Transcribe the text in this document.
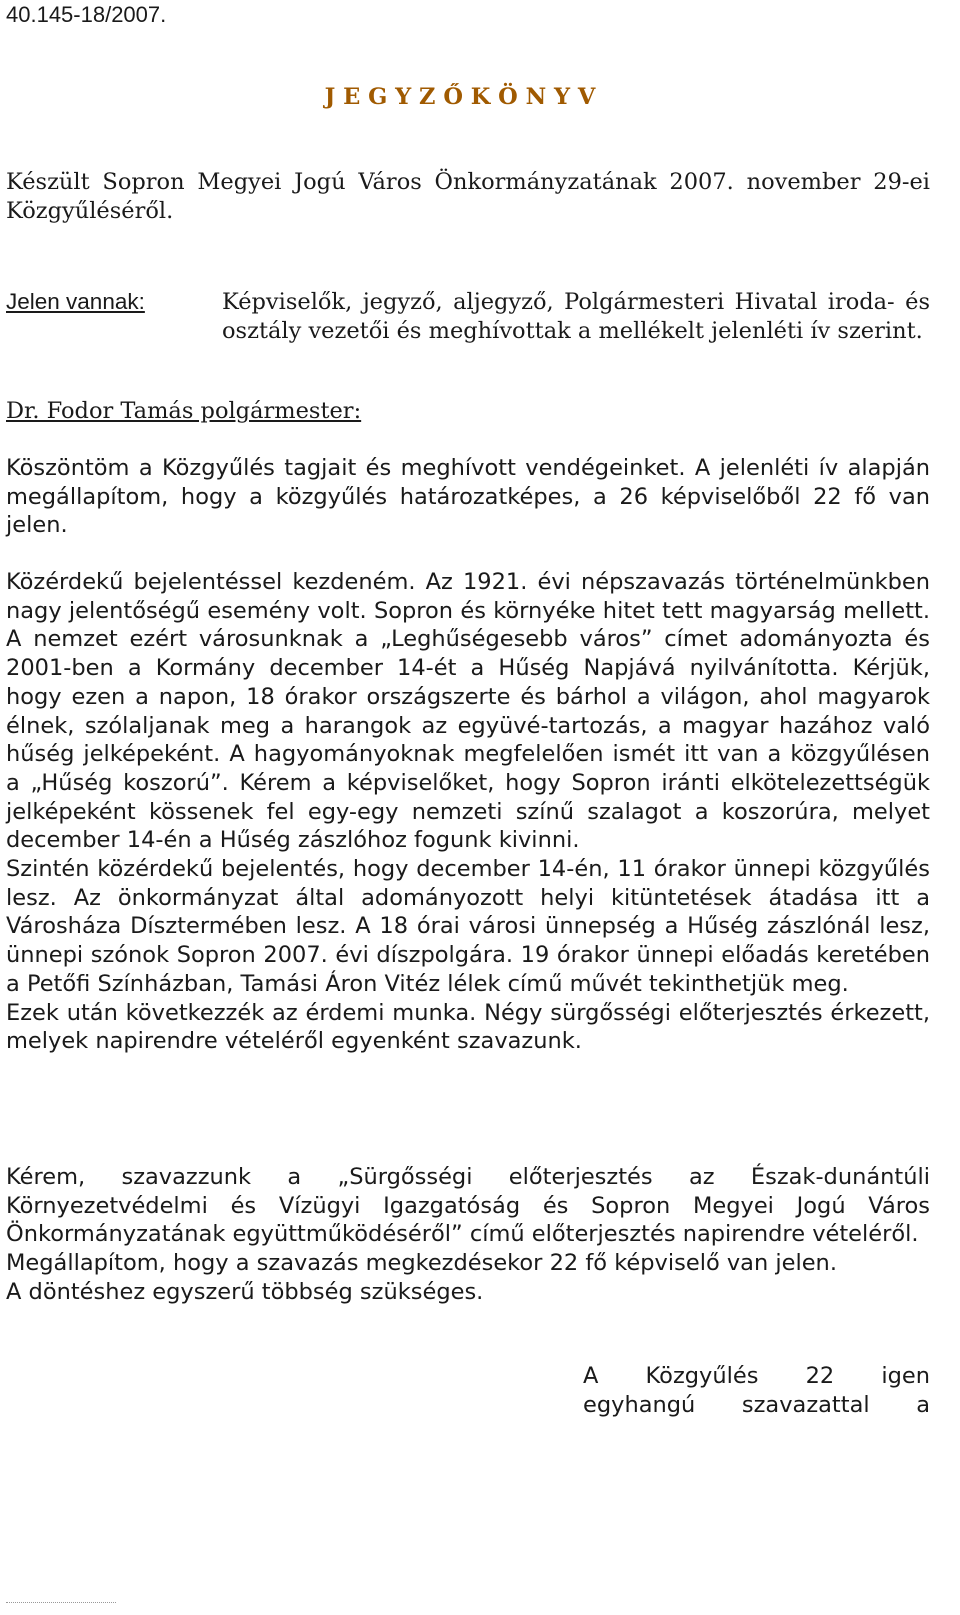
40.145-18/2007.
J E G Y Z Ő K Ö N Y V

Készült Sopron Megyei Jogú Város Önkormányzatának 2007. november 29-ei Közgyűléséről.

Jelen vannak:	Képviselők, jegyző, aljegyző, Polgármesteri Hivatal iroda- és osztály vezetői és meghívottak a mellékelt jelenléti ív szerint.
Dr. Fodor Tamás polgármester:

Köszöntöm a Közgyűlés tagjait és meghívott vendégeinket. A jelenléti ív alapján megállapítom, hogy a közgyűlés határozatképes, a 26 képviselőből 22 fő van jelen.

Közérdekű bejelentéssel kezdeném. Az 1921. évi népszavazás történelmünkben nagy jelentőségű esemény volt. Sopron és környéke hitet tett magyarság mellett. A nemzet ezért városunknak a „Leghűségesebb város” címet adományozta és 2001-ben a Kormány december 14-ét a Hűség Napjává nyilvánította. Kérjük, hogy ezen a napon, 18 órakor országszerte és bárhol a világon, ahol magyarok élnek, szólaljanak meg a harangok az együvé-tartozás, a magyar hazához való hűség jelképeként. A hagyományoknak megfelelően ismét itt van a közgyűlésen a „Hűség koszorú”. Kérem a képviselőket, hogy Sopron iránti elkötelezettségük jelképeként kössenek fel egy-egy nemzeti színű szalagot a koszorúra, melyet december 14-én a Hűség zászlóhoz fogunk kivinni.

Szintén közérdekű bejelentés, hogy december 14-én, 11 órakor ünnepi közgyűlés lesz. Az önkormányzat által adományozott helyi kitüntetések átadása itt a Városháza Dísztermében lesz. A 18 órai városi ünnepség a Hűség zászlónál lesz, ünnepi szónok Sopron 2007. évi díszpolgára. 19 órakor ünnepi előadás keretében a Petőfi Színházban, Tamási Áron Vitéz lélek című művét tekinthetjük meg.

Ezek után következzék az érdemi munka. Négy sürgősségi előterjesztés érkezett, melyek napirendre vételéről egyenként szavazunk.

Kérem, szavazzunk a „Sürgősségi előterjesztés az Észak-dunántúli Környezetvédelmi és Vízügyi Igazgatóság és Sopron Megyei Jogú Város Önkormányzatának együttműködéséről” című előterjesztés napirendre vételéről.

Megállapítom, hogy a szavazás megkezdésekor 22 fő képviselő van jelen.

A döntéshez egyszerű többség szükséges.

A Közgyűlés 22 igen
egyhangú szavazattal a
